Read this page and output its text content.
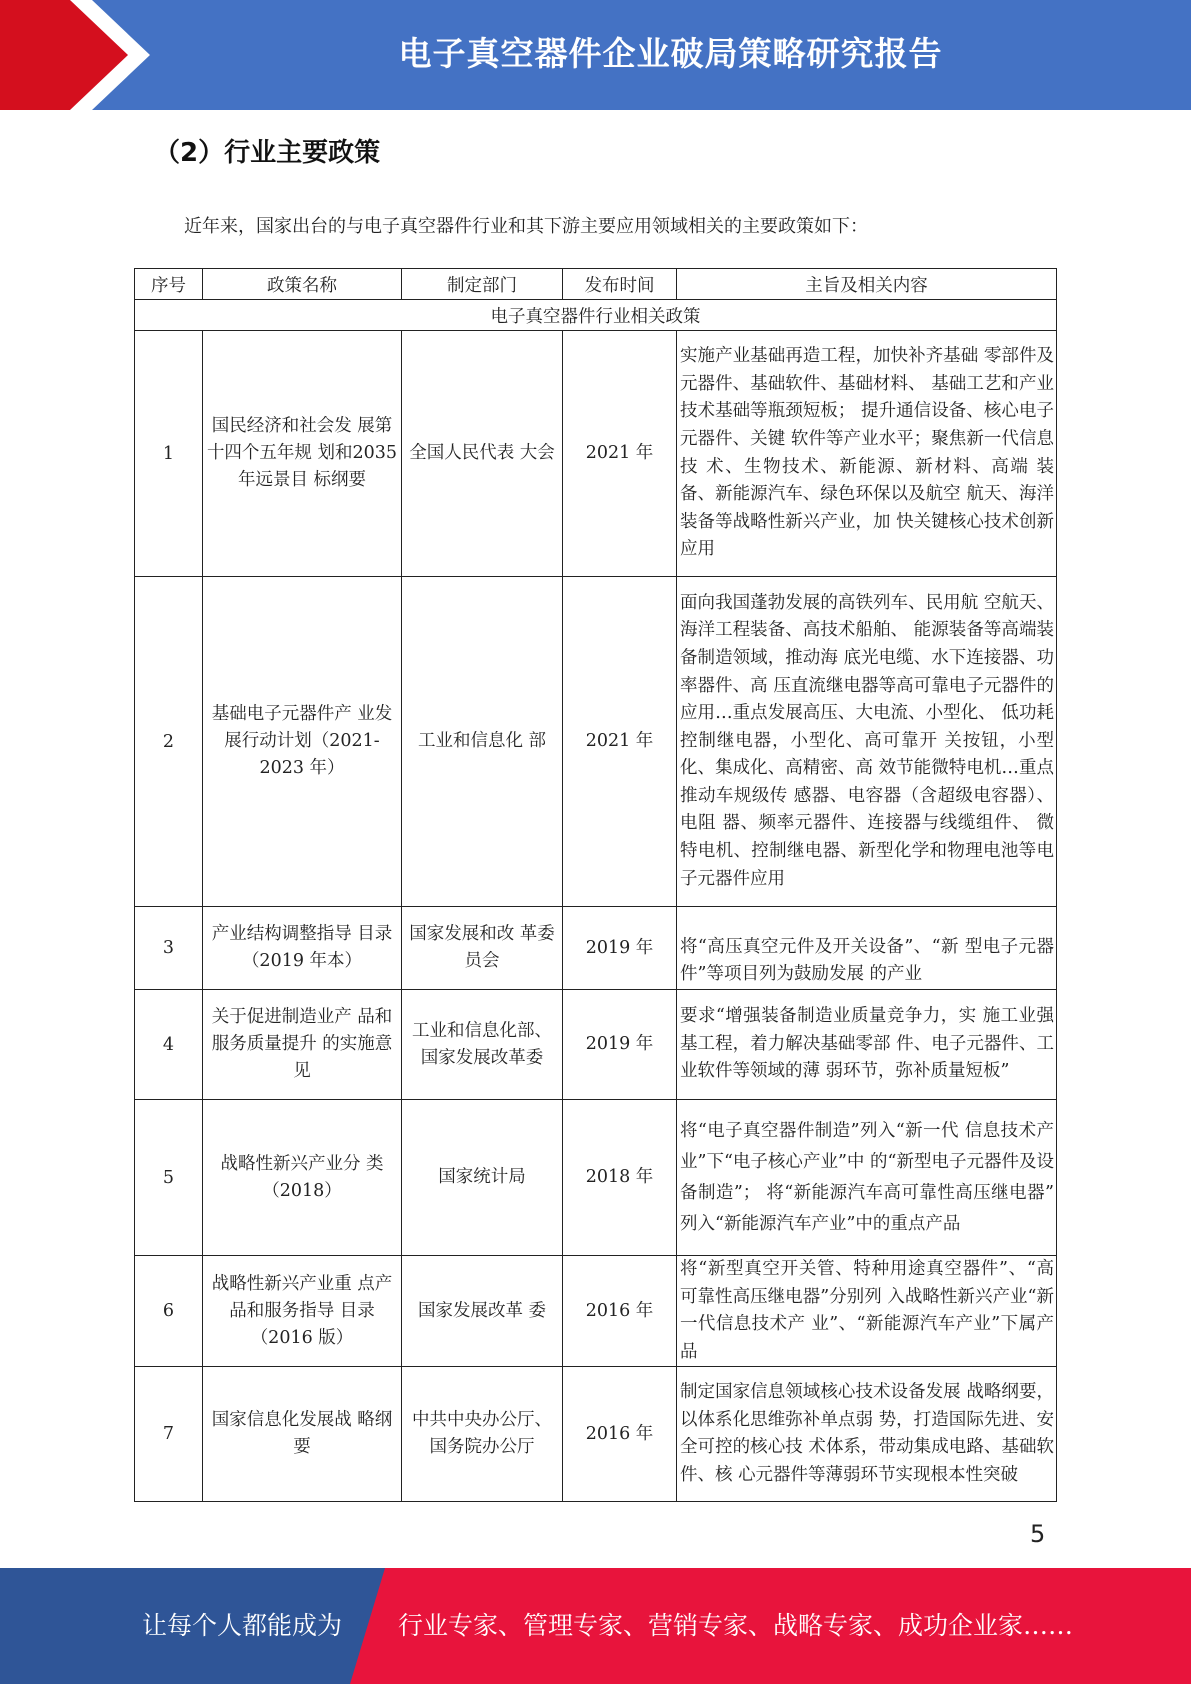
电子真空器件企业破局策略研究报告
（2）行业主要政策
近年来，国家出台的与电子真空器件行业和其下游主要应用领域相关的主要政策如下：
序号	政策名称	制定部门	发布时间	主旨及相关内容
电子真空器件行业相关政策				
1	国民经济和社会发 展第十四个五年规 划和2035年远景目 标纲要	全国人民代表 大会	2021 年	实施产业基础再造工程，加快补齐基础 零部件及元器件、基础软件、基础材料、 基础工艺和产业技术基础等瓶颈短板； 提升通信设备、核心电子元器件、关键 软件等产业水平；聚焦新一代信息技 术、生物技术、新能源、新材料、高端 装备、新能源汽车、绿色环保以及航空 航天、海洋装备等战略性新兴产业，加 快关键核心技术创新应用
2	基础电子元器件产 业发展行动计划（2021-2023 年）	工业和信息化 部	2021 年	面向我国蓬勃发展的高铁列车、民用航 空航天、海洋工程装备、高技术船舶、 能源装备等高端装备制造领域，推动海 底光电缆、水下连接器、功率器件、高 压直流继电器等高可靠电子元器件的 应用…重点发展高压、大电流、小型化、 低功耗控制继电器，小型化、高可靠开 关按钮，小型化、集成化、高精密、高 效节能微特电机…重点推动车规级传 感器、电容器（含超级电容器）、电阻 器、频率元器件、连接器与线缆组件、 微特电机、控制继电器、新型化学和物理电池等电子元器件应用
3	产业结构调整指导 目录（2019 年本）	国家发展和改 革委员会	2019 年	将“高压真空元件及开关设备”、“新 型电子元器件”等项目列为鼓励发展 的产业
4	关于促进制造业产 品和服务质量提升 的实施意见	工业和信息化部、国家发展改革委	2019 年	要求“增强装备制造业质量竞争力，实 施工业强基工程，着力解决基础零部 件、电子元器件、工业软件等领域的薄 弱环节，弥补质量短板”
5	战略性新兴产业分 类（2018）	国家统计局	2018 年	将“电子真空器件制造”列入“新一代 信息技术产业”下“电子核心产业”中 的“新型电子元器件及设备制造”； 将“新能源汽车高可靠性高压继电器” 列入“新能源汽车产业”中的重点产品
6	战略性新兴产业重 点产品和服务指导 目录（2016 版）	国家发展改革 委	2016 年	将“新型真空开关管、特种用途真空器件”、“高可靠性高压继电器”分别列 入战略性新兴产业“新一代信息技术产 业”、“新能源汽车产业”下属产品
7	国家信息化发展战 略纲要	中共中央办公厅、国务院办公厅	2016 年	制定国家信息领域核心技术设备发展 战略纲要，以体系化思维弥补单点弱 势，打造国际先进、安全可控的核心技 术体系，带动集成电路、基础软件、核 心元器件等薄弱环节实现根本性突破
5
让每个人都能成为 行业专家、管理专家、营销专家、战略专家、成功企业家……
